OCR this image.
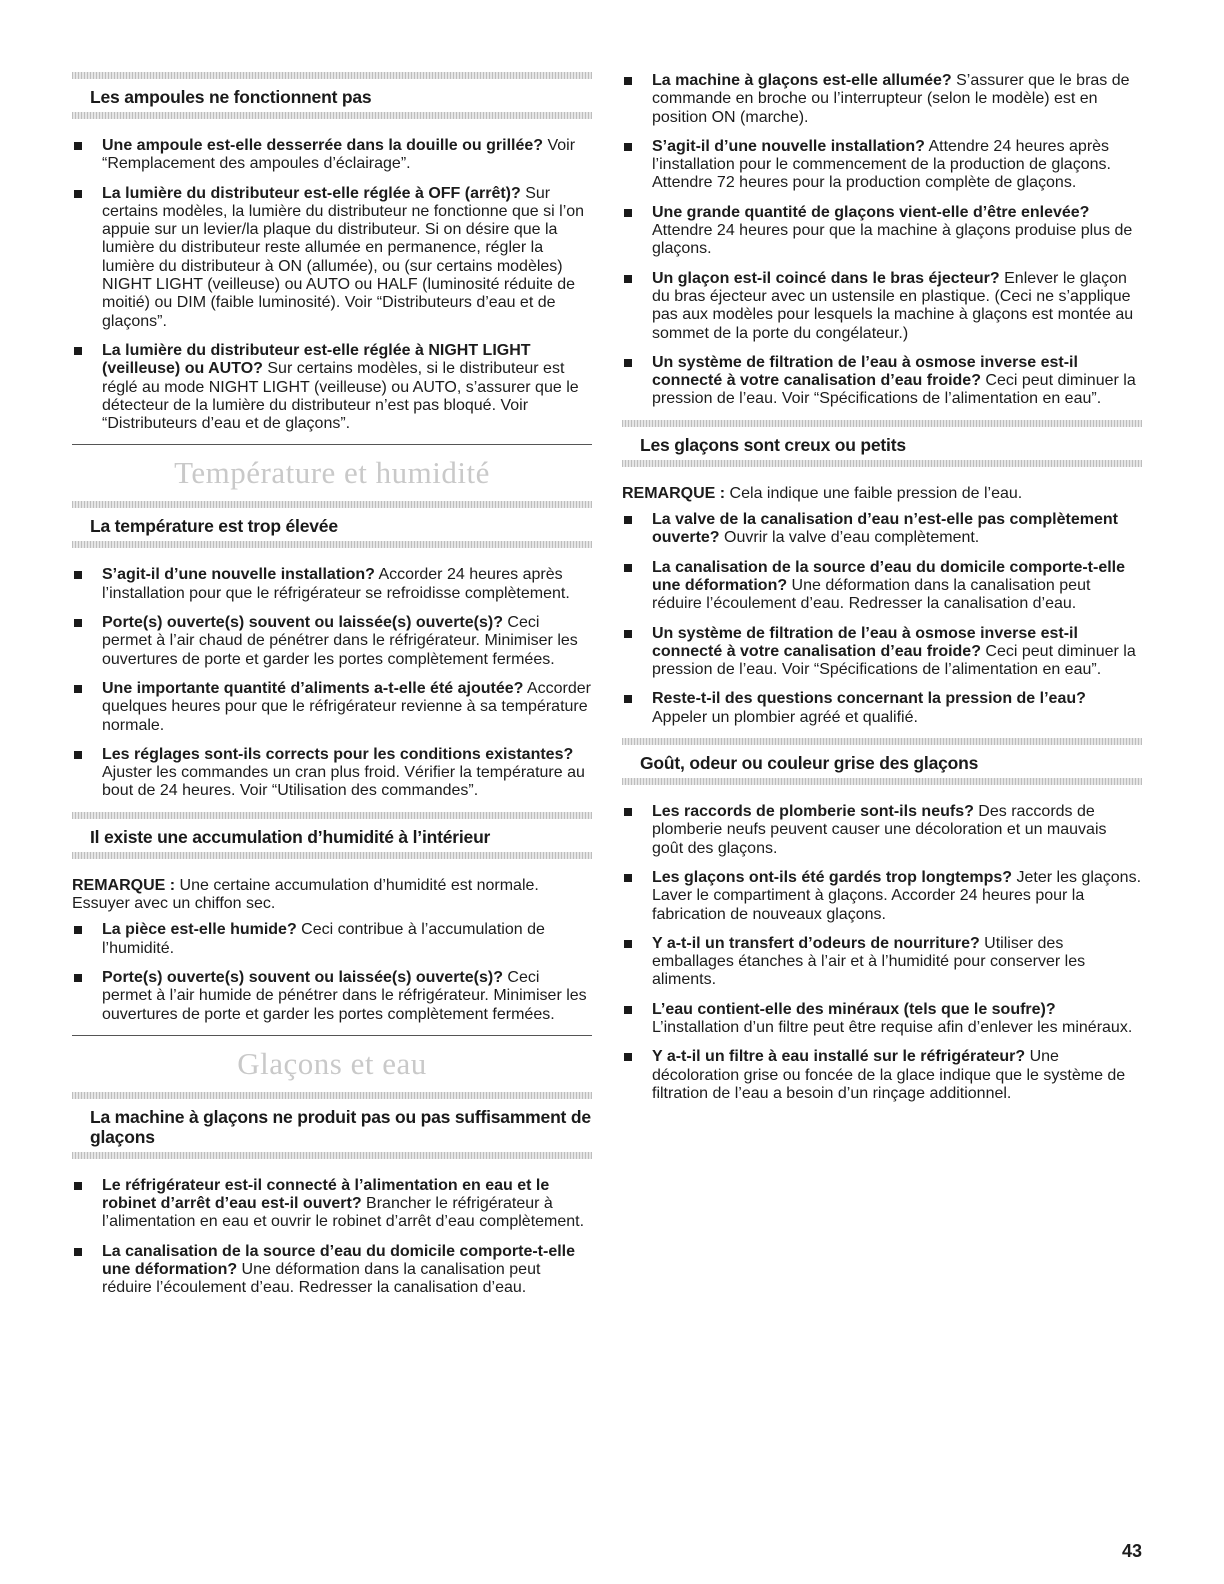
Les ampoules ne fonctionnent pas
Une ampoule est-elle desserrée dans la douille ou grillée? Voir “Remplacement des ampoules d’éclairage”.
La lumière du distributeur est-elle réglée à OFF (arrêt)? Sur certains modèles, la lumière du distributeur ne fonctionne que si l’on appuie sur un levier/la plaque du distributeur. Si on désire que la lumière du distributeur reste allumée en permanence, régler la lumière du distributeur à ON (allumée), ou (sur certains modèles) NIGHT LIGHT (veilleuse) ou AUTO ou HALF (luminosité réduite de moitié) ou DIM (faible luminosité). Voir “Distributeurs d’eau et de glaçons”.
La lumière du distributeur est-elle réglée à NIGHT LIGHT (veilleuse) ou AUTO? Sur certains modèles, si le distributeur est réglé au mode NIGHT LIGHT (veilleuse) ou AUTO, s’assurer que le détecteur de la lumière du distributeur n’est pas bloqué. Voir “Distributeurs d’eau et de glaçons”.
Température et humidité
La température est trop élevée
S’agit-il d’une nouvelle installation? Accorder 24 heures après l’installation pour que le réfrigérateur se refroidisse complètement.
Porte(s) ouverte(s) souvent ou laissée(s) ouverte(s)? Ceci permet à l’air chaud de pénétrer dans le réfrigérateur. Minimiser les ouvertures de porte et garder les portes complètement fermées.
Une importante quantité d’aliments a-t-elle été ajoutée? Accorder quelques heures pour que le réfrigérateur revienne à sa température normale.
Les réglages sont-ils corrects pour les conditions existantes? Ajuster les commandes un cran plus froid. Vérifier la température au bout de 24 heures. Voir “Utilisation des commandes”.
Il existe une accumulation d’humidité à l’intérieur

REMARQUE : Une certaine accumulation d’humidité est normale. Essuyer avec un chiffon sec.

La pièce est-elle humide? Ceci contribue à l’accumulation de l’humidité.
Porte(s) ouverte(s) souvent ou laissée(s) ouverte(s)? Ceci permet à l’air humide de pénétrer dans le réfrigérateur. Minimiser les ouvertures de porte et garder les portes complètement fermées.
Glaçons et eau
La machine à glaçons ne produit pas ou pas suffisamment de glaçons
Le réfrigérateur est-il connecté à l’alimentation en eau et le robinet d’arrêt d’eau est-il ouvert? Brancher le réfrigérateur à l’alimentation en eau et ouvrir le robinet d’arrêt d’eau complètement.
La canalisation de la source d’eau du domicile comporte-t-elle une déformation? Une déformation dans la canalisation peut réduire l’écoulement d’eau. Redresser la canalisation d’eau.
La machine à glaçons est-elle allumée? S’assurer que le bras de commande en broche ou l’interrupteur (selon le modèle) est en position ON (marche).
S’agit-il d’une nouvelle installation? Attendre 24 heures après l’installation pour le commencement de la production de glaçons. Attendre 72 heures pour la production complète de glaçons.
Une grande quantité de glaçons vient-elle d’être enlevée? Attendre 24 heures pour que la machine à glaçons produise plus de glaçons.
Un glaçon est-il coincé dans le bras éjecteur? Enlever le glaçon du bras éjecteur avec un ustensile en plastique. (Ceci ne s’applique pas aux modèles pour lesquels la machine à glaçons est montée au sommet de la porte du congélateur.)
Un système de filtration de l’eau à osmose inverse est-il connecté à votre canalisation d’eau froide? Ceci peut diminuer la pression de l’eau. Voir “Spécifications de l’alimentation en eau”.
Les glaçons sont creux ou petits

REMARQUE : Cela indique une faible pression de l’eau.

La valve de la canalisation d’eau n’est-elle pas complètement ouverte? Ouvrir la valve d’eau complètement.
La canalisation de la source d’eau du domicile comporte-t-elle une déformation? Une déformation dans la canalisation peut réduire l’écoulement d’eau. Redresser la canalisation d’eau.
Un système de filtration de l’eau à osmose inverse est-il connecté à votre canalisation d’eau froide? Ceci peut diminuer la pression de l’eau. Voir “Spécifications de l’alimentation en eau”.
Reste-t-il des questions concernant la pression de l’eau? Appeler un plombier agréé et qualifié.
Goût, odeur ou couleur grise des glaçons
Les raccords de plomberie sont-ils neufs? Des raccords de plomberie neufs peuvent causer une décoloration et un mauvais goût des glaçons.
Les glaçons ont-ils été gardés trop longtemps? Jeter les glaçons. Laver le compartiment à glaçons. Accorder 24 heures pour la fabrication de nouveaux glaçons.
Y a-t-il un transfert d’odeurs de nourriture? Utiliser des emballages étanches à l’air et à l’humidité pour conserver les aliments.
L’eau contient-elle des minéraux (tels que le soufre)? L’installation d’un filtre peut être requise afin d’enlever les minéraux.
Y a-t-il un filtre à eau installé sur le réfrigérateur? Une décoloration grise ou foncée de la glace indique que le système de filtration de l’eau a besoin d’un rinçage additionnel.
43
